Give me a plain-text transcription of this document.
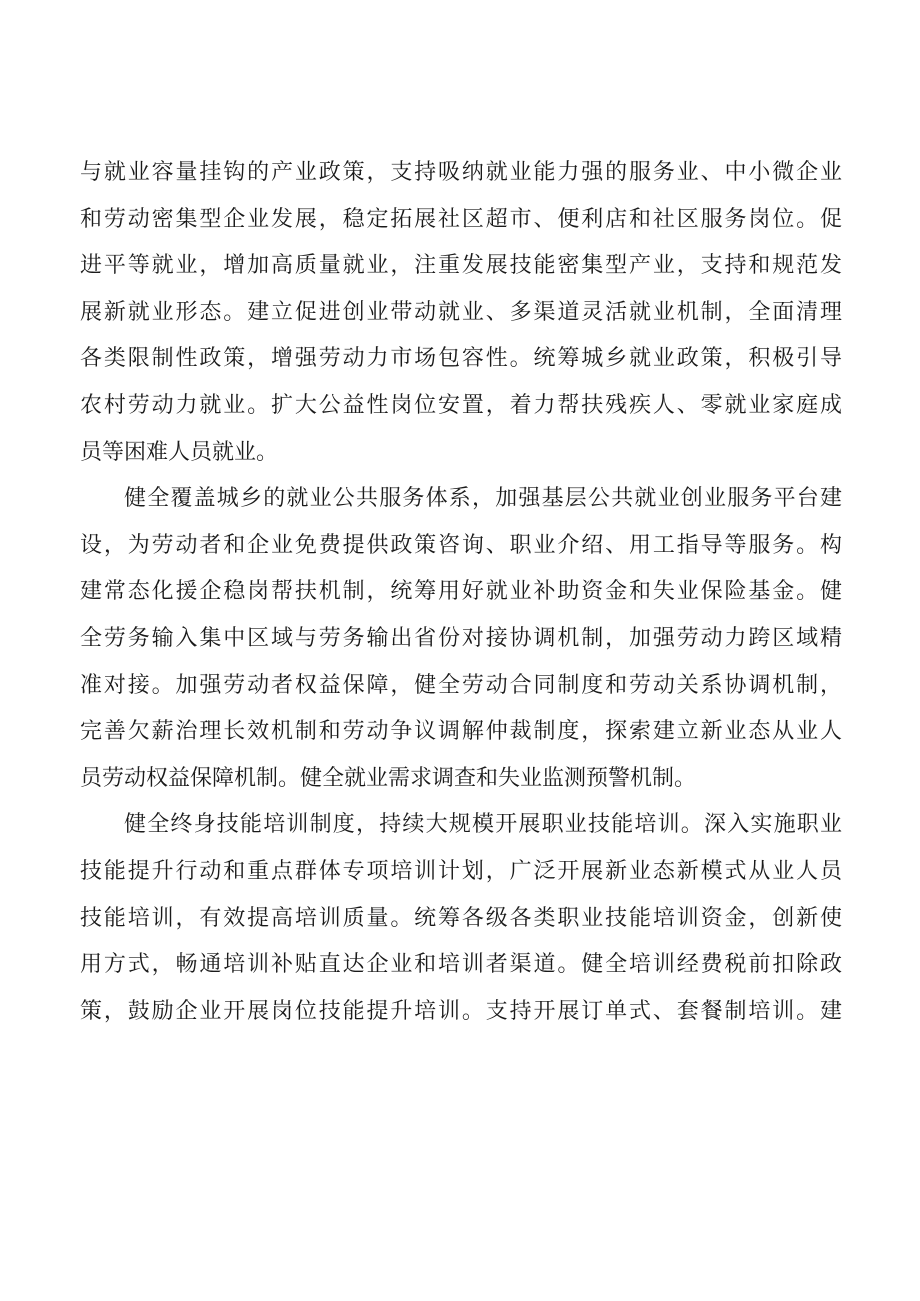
与就业容量挂钩的产业政策，支持吸纳就业能力强的服务业、中小微企业
和劳动密集型企业发展，稳定拓展社区超市、便利店和社区服务岗位。促
进平等就业，增加高质量就业，注重发展技能密集型产业，支持和规范发
展新就业形态。建立促进创业带动就业、多渠道灵活就业机制，全面清理
各类限制性政策，增强劳动力市场包容性。统筹城乡就业政策，积极引导
农村劳动力就业。扩大公益性岗位安置，着力帮扶残疾人、零就业家庭成
员等困难人员就业。
健全覆盖城乡的就业公共服务体系，加强基层公共就业创业服务平台建
设，为劳动者和企业免费提供政策咨询、职业介绍、用工指导等服务。构
建常态化援企稳岗帮扶机制，统筹用好就业补助资金和失业保险基金。健
全劳务输入集中区域与劳务输出省份对接协调机制，加强劳动力跨区域精
准对接。加强劳动者权益保障，健全劳动合同制度和劳动关系协调机制，
完善欠薪治理长效机制和劳动争议调解仲裁制度，探索建立新业态从业人
员劳动权益保障机制。健全就业需求调查和失业监测预警机制。
健全终身技能培训制度，持续大规模开展职业技能培训。深入实施职业
技能提升行动和重点群体专项培训计划，广泛开展新业态新模式从业人员
技能培训，有效提高培训质量。统筹各级各类职业技能培训资金，创新使
用方式，畅通培训补贴直达企业和培训者渠道。健全培训经费税前扣除政
策，鼓励企业开展岗位技能提升培训。支持开展订单式、套餐制培训。建
